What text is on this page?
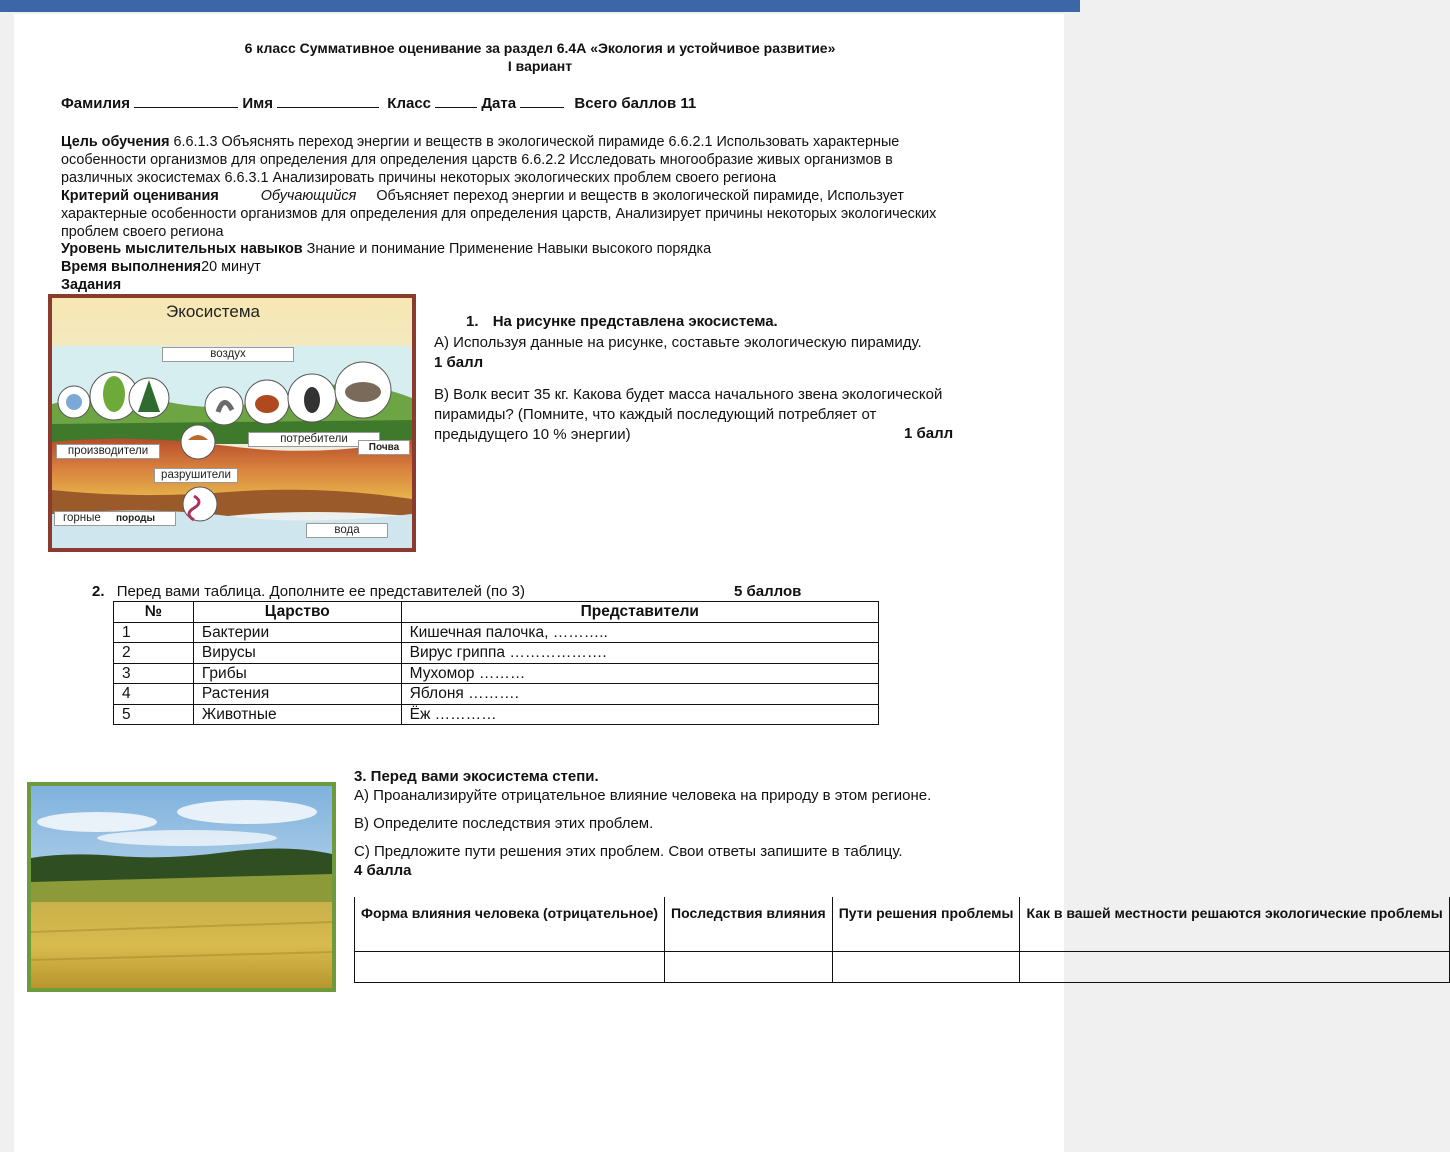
6 класс Суммативное оценивание за раздел 6.4А «Экология и устойчивое развитие»
I вариант
Фамилия	Имя	Класс	Дата	Всего баллов 11
Цель обучения 6.6.1.3 Объяснять переход энергии и веществ в экологической пирамиде 6.6.2.1 Использовать характерные
особенности организмов для определения для определения царств 6.6.2.2 Исследовать многообразие живых организмов в
различных экосистемах 6.6.3.1 Анализировать причины некоторых экологических проблем своего региона
Критерий оценивания	Обучающийся Объясняет переход энергии и веществ в экологической пирамиде, Использует
характерные особенности организмов для определения для определения царств, Анализирует причины некоторых экологических
проблем своего региона
Уровень мыслительных навыков Знание и понимание Применение Навыки высокого порядка
Время выполнения20 минут
Задания
Экосистема
воздух
потребители
производители	Почва
разрушители
горные породы
вода
1. На рисунке представлена экосистема.
А) Используя данные на рисунке, составьте экологическую пирамиду.
1 балл
В) Волк весит 35 кг. Какова будет масса начального звена экологической
пирамиды? (Помните, что каждый последующий потребляет от
предыдущего 10 % энергии)	1 балл
2. Перед вами таблица. Дополните ее представителей (по 3)	5 баллов
№	Царство	Представители
1	Бактерии	Кишечная палочка, ………..
2	Вирусы	Вирус гриппа ……………….
3	Грибы	Мухомор ………
4	Растения	Яблоня ……….
5	Животные	Ёж …………
3. Перед вами экосистема степи.
А) Проанализируйте отрицательное влияние человека на природу в этом регионе.
В) Определите последствия этих проблем.
С) Предложите пути решения этих проблем. Свои ответы запишите в таблицу.
4 балла
Форма влияния человека (отрицательное)	Последствия влияния	Пути решения проблемы	Как в вашей местности решаются экологические проблемы
